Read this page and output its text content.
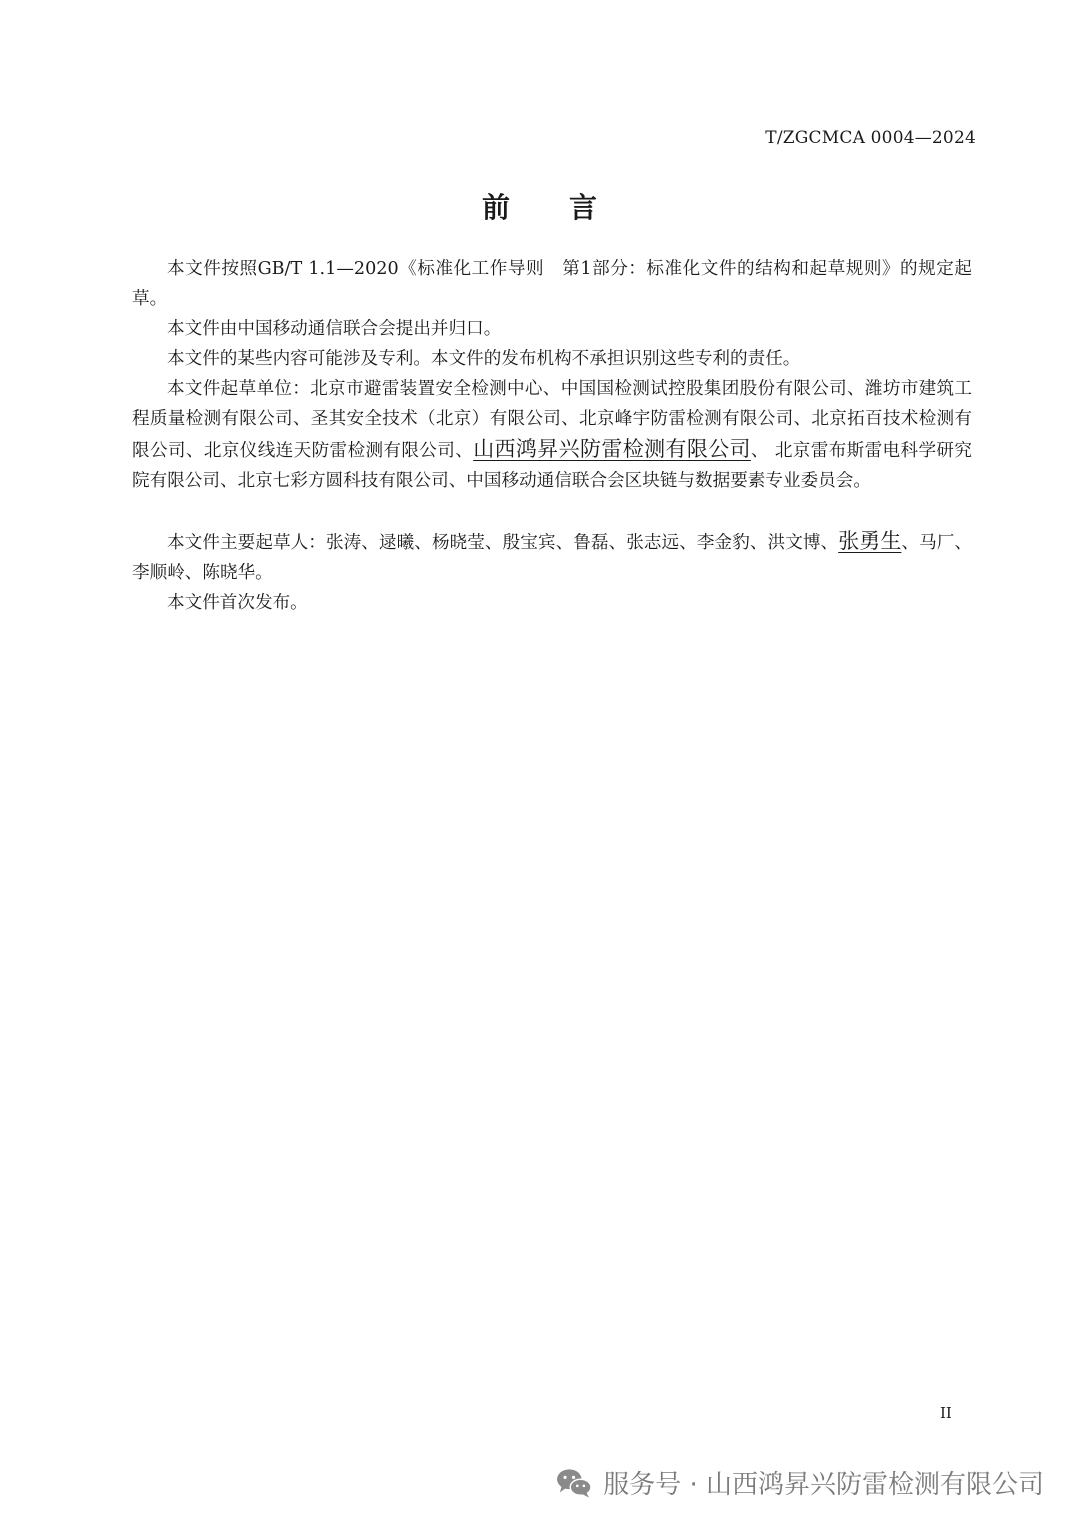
T/ZGCMCA 0004—2024
前 言

本文件按照GB/T 1.1—2020《标准化工作导则　第1部分：标准化文件的结构和起草规则》的规定起草。

本文件由中国移动通信联合会提出并归口。

本文件的某些内容可能涉及专利。本文件的发布机构不承担识别这些专利的责任。

本文件起草单位：北京市避雷装置安全检测中心、中国国检测试控股集团股份有限公司、潍坊市建筑工程质量检测有限公司、圣其安全技术（北京）有限公司、北京峰宇防雷检测有限公司、北京拓百技术检测有限公司、北京仪线连天防雷检测有限公司、山西鸿昇兴防雷检测有限公司、 北京雷布斯雷电科学研究院有限公司、北京七彩方圆科技有限公司、中国移动通信联合会区块链与数据要素专业委员会。

本文件主要起草人：张涛、逯曦、杨晓莹、殷宝宾、鲁磊、张志远、李金豹、洪文博、张勇生、马厂、李顺岭、陈晓华。

本文件首次发布。

II
服务号 · 山西鸿昇兴防雷检测有限公司
